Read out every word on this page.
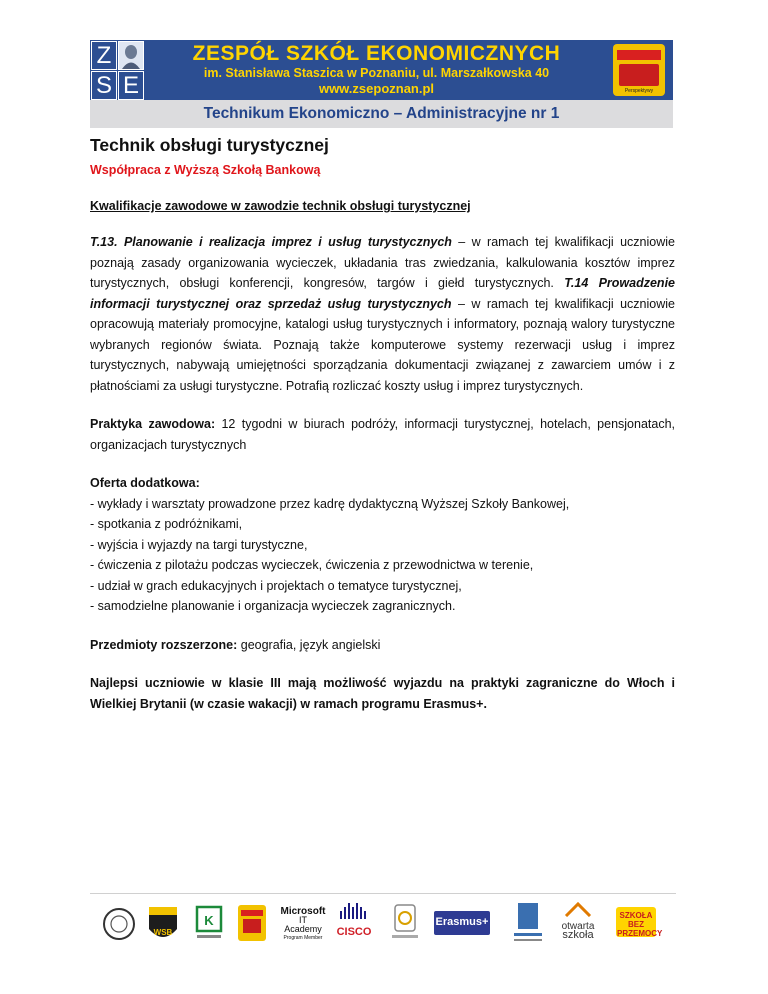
Z
S E
ZESPÓŁ SZKÓŁ EKONOMICZNYCH
im. Stanisława Staszica w Poznaniu, ul. Marszałkowska 40
www.zsepoznan.pl	Perspektywy
Technikum Ekonomiczno – Administracyjne nr 1
Technik obsługi turystycznej
Współpraca z Wyższą Szkołą Bankową
Kwalifikacje zawodowe w zawodzie technik obsługi turystycznej

T.13. Planowanie i realizacja imprez i usług turystycznych – w ramach tej kwalifikacji uczniowie poznają zasady organizowania wycieczek, układania tras zwiedzania, kalkulowania kosztów imprez turystycznych, obsługi konferencji, kongresów, targów i giełd turystycznych. T.14 Prowadzenie informacji turystycznej oraz sprzedaż usług turystycznych – w ramach tej kwalifikacji uczniowie opracowują materiały promocyjne, katalogi usług turystycznych i informatory, poznają walory turystyczne wybranych regionów świata. Poznają także komputerowe systemy rezerwacji usług i imprez turystycznych, nabywają umiejętności sporządzania dokumentacji związanej z zawarciem umów i z płatnościami za usługi turystyczne. Potrafią rozliczać koszty usług i imprez turystycznych.

Praktyka zawodowa: 12 tygodni w biurach podróży, informacji turystycznej, hotelach, pensjonatach, organizacjach turystycznych

Oferta dodatkowa:
- wykłady i warsztaty prowadzone przez kadrę dydaktyczną Wyższej Szkoły Bankowej,
- spotkania z podróżnikami,
- wyjścia i wyjazdy na targi turystyczne,
- ćwiczenia z pilotażu podczas wycieczek, ćwiczenia z przewodnictwa w terenie,
- udział w grach edukacyjnych i projektach o tematyce turystycznej,
- samodzielne planowanie i organizacja wycieczek zagranicznych.

Przedmioty rozszerzone: geografia, język angielski

Najlepsi uczniowie w klasie III mają możliwość wyjazdu na praktyki zagraniczne do Włoch i Wielkiej Brytanii (w czasie wakacji) w ramach programu Erasmus+.

WSB
K
Microsoft
IT Academy
Program Member	CISCO
Erasmus+	otwarta
szkoła
SZKOŁA BEZ PRZEMOCY
